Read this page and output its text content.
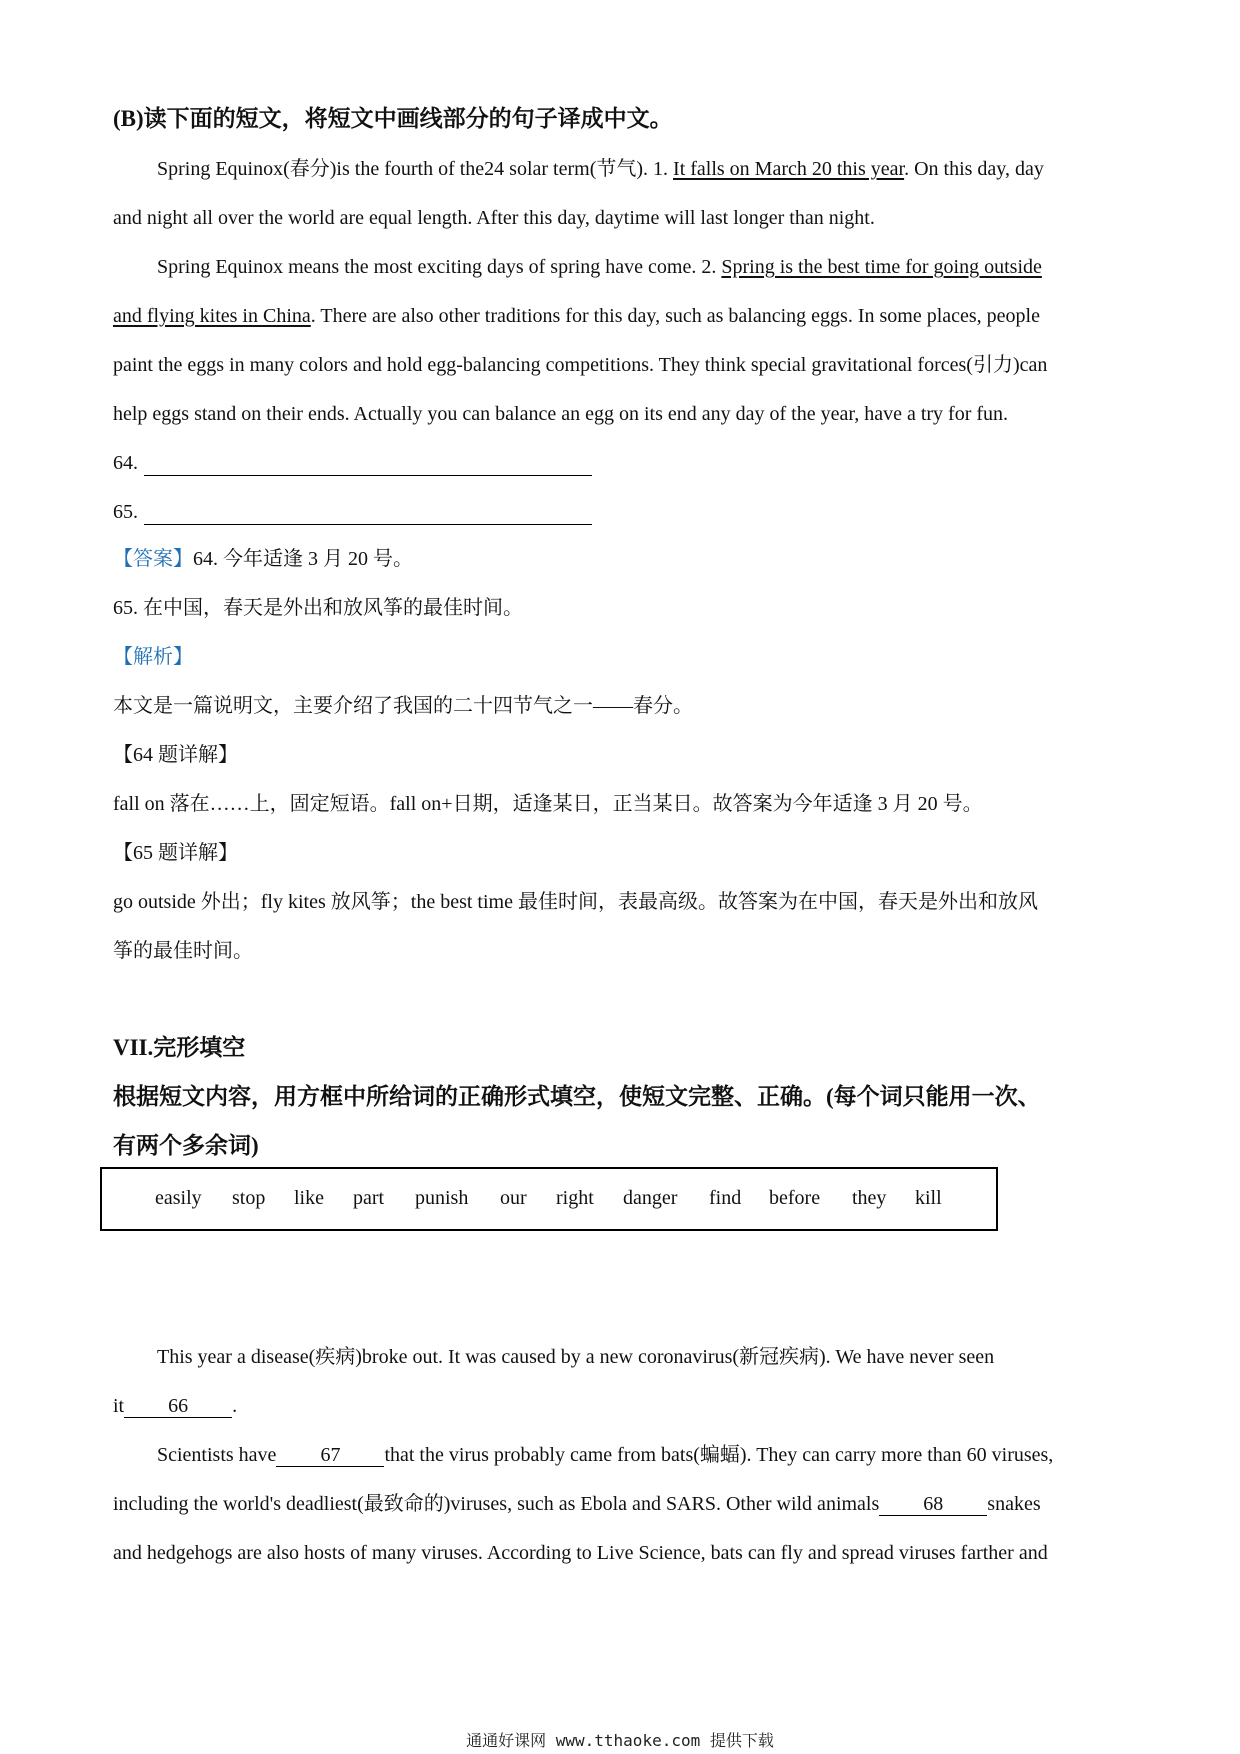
(B)读下面的短文，将短文中画线部分的句子译成中文。
Spring Equinox(春分)is the fourth of the24 solar term(节气). 1. It falls on March 20 this year. On this day, day
and night all over the world are equal length. After this day, daytime will last longer than night.
Spring Equinox means the most exciting days of spring have come. 2. Spring is the best time for going outside
and flying kites in China. There are also other traditions for this day, such as balancing eggs. In some places, people
paint the eggs in many colors and hold egg-balancing competitions. They think special gravitational forces(引力)can
help eggs stand on their ends. Actually you can balance an egg on its end any day of the year, have a try for fun.
64.
65.
【答案】64. 今年适逢 3 月 20 号。
65. 在中国，春天是外出和放风筝的最佳时间。
【解析】
本文是一篇说明文，主要介绍了我国的二十四节气之一——春分。
【64 题详解】
fall on 落在……上，固定短语。fall on+日期，适逢某日，正当某日。故答案为今年适逢 3 月 20 号。
【65 题详解】
go outside 外出；fly kites 放风筝；the best time 最佳时间，表最高级。故答案为在中国，春天是外出和放风
筝的最佳时间。
VII.完形填空
根据短文内容，用方框中所给词的正确形式填空，使短文完整、正确。(每个词只能用一次、
有两个多余词)
easily stop like part punish our right danger find before they kill
This year a disease(疾病)broke out. It was caused by a new coronavirus(新冠疾病). We have never seen
it 66 .
Scientists have 67 that the virus probably came from bats(蝙蝠). They can carry more than 60 viruses,
including the world's deadliest(最致命的)viruses, such as Ebola and SARS. Other wild animals 68 snakes
and hedgehogs are also hosts of many viruses. According to Live Science, bats can fly and spread viruses farther and
通通好课网 www.tthaoke.com 提供下载
